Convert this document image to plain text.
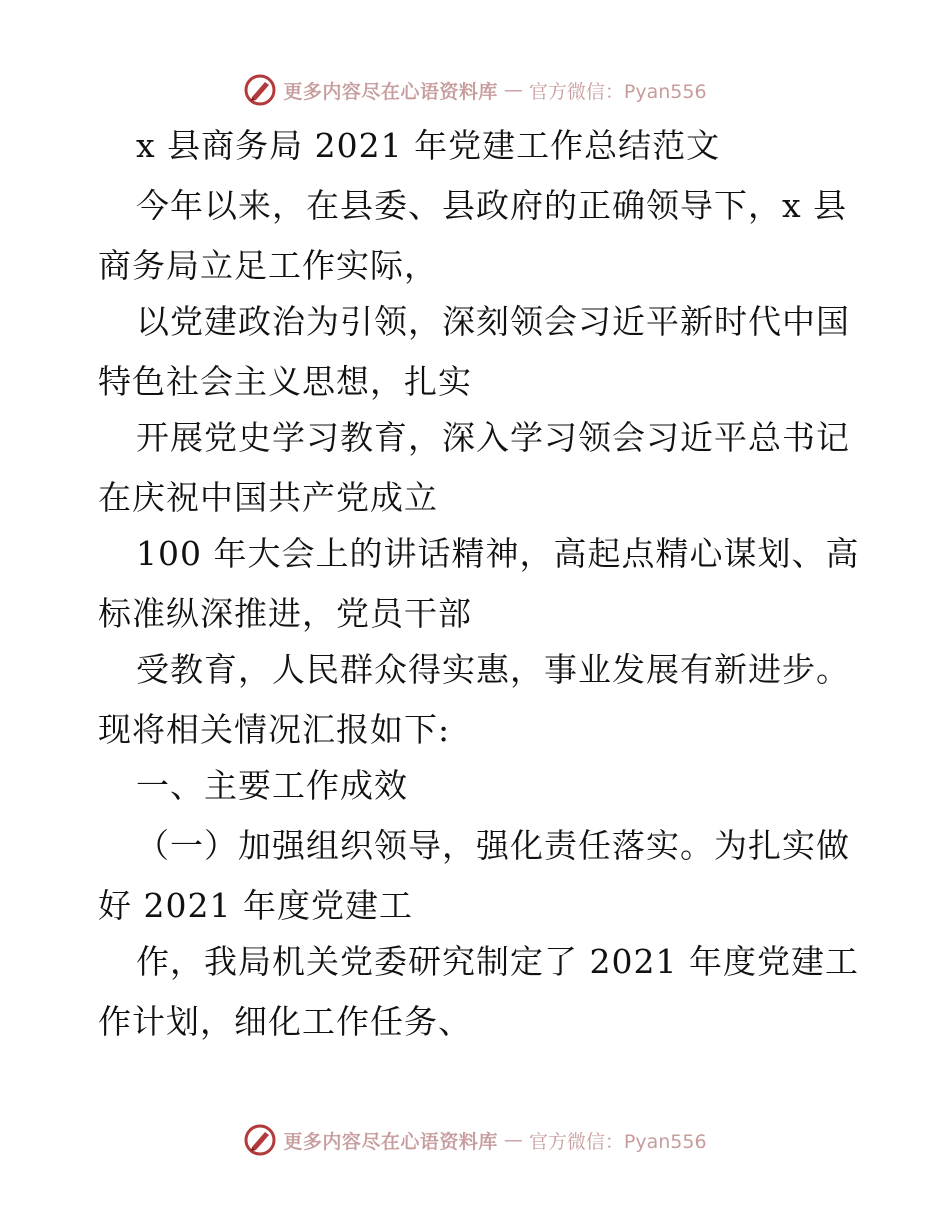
更多内容尽在心语资料库 — 官方微信：Pyan556
x 县商务局 2021 年党建工作总结范文
今年以来，在县委、县政府的正确领导下，x 县
商务局立足工作实际，
以党建政治为引领，深刻领会习近平新时代中国
特色社会主义思想，扎实
开展党史学习教育，深入学习领会习近平总书记
在庆祝中国共产党成立
100 年大会上的讲话精神，高起点精心谋划、高
标准纵深推进，党员干部
受教育，人民群众得实惠，事业发展有新进步。
现将相关情况汇报如下:
一、主要工作成效
（一）加强组织领导，强化责任落实。为扎实做
好 2021 年度党建工
作，我局机关党委研究制定了 2021 年度党建工
作计划，细化工作任务、
更多内容尽在心语资料库 — 官方微信：Pyan556
